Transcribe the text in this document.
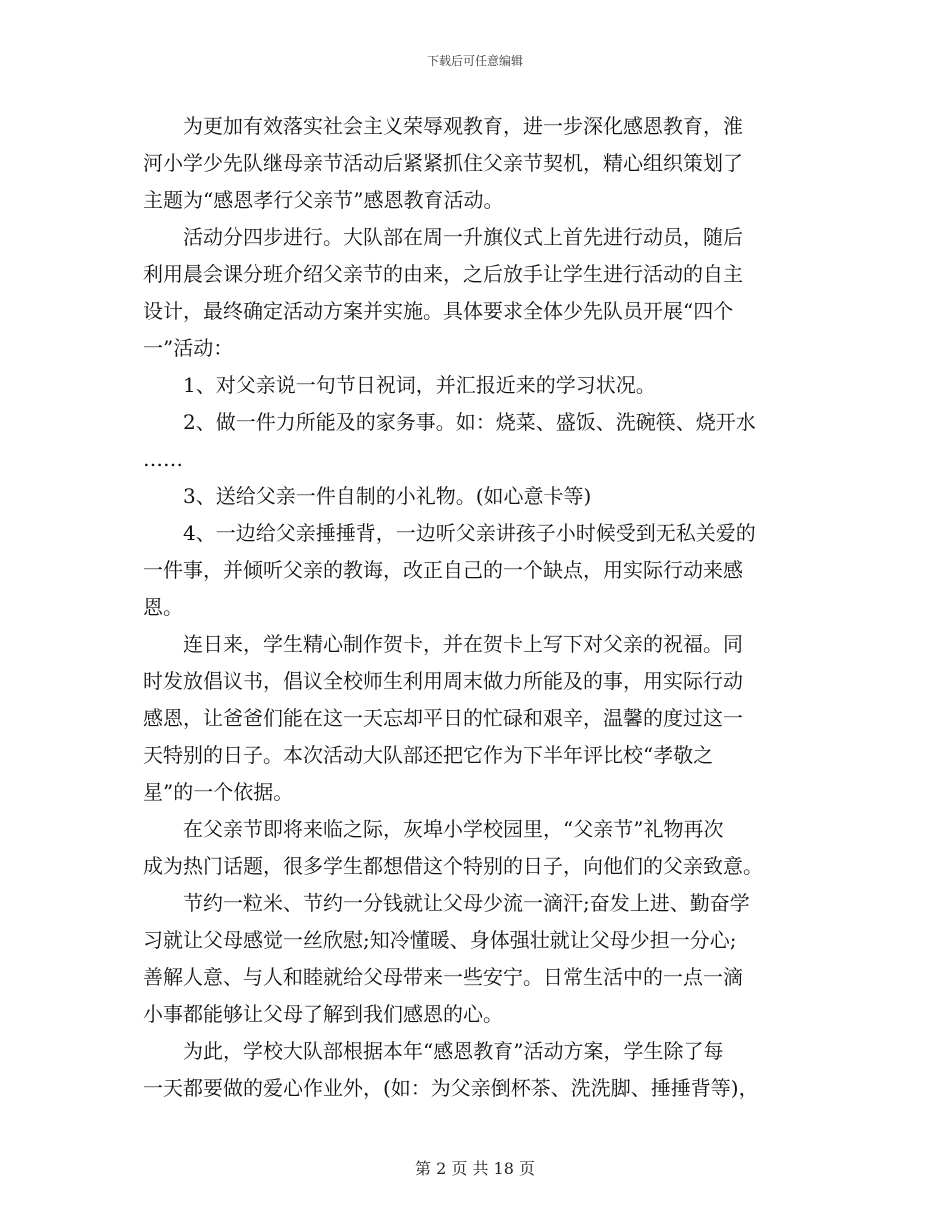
下载后可任意编辑
　　为更加有效落实社会主义荣辱观教育，进一步深化感恩教育，淮
河小学少先队继母亲节活动后紧紧抓住父亲节契机，精心组织策划了
主题为“感恩孝行父亲节”感恩教育活动。
　　活动分四步进行。大队部在周一升旗仪式上首先进行动员，随后
利用晨会课分班介绍父亲节的由来，之后放手让学生进行活动的自主
设计，最终确定活动方案并实施。具体要求全体少先队员开展“四个
一”活动：
　　1、对父亲说一句节日祝词，并汇报近来的学习状况。
　　2、做一件力所能及的家务事。如：烧菜、盛饭、洗碗筷、烧开水
……
　　3、送给父亲一件自制的小礼物。(如心意卡等)
　　4、一边给父亲捶捶背，一边听父亲讲孩子小时候受到无私关爱的
一件事，并倾听父亲的教诲，改正自己的一个缺点，用实际行动来感
恩。
　　连日来，学生精心制作贺卡，并在贺卡上写下对父亲的祝福。同
时发放倡议书，倡议全校师生利用周末做力所能及的事，用实际行动
感恩，让爸爸们能在这一天忘却平日的忙碌和艰辛，温馨的度过这一
天特别的日子。本次活动大队部还把它作为下半年评比校“孝敬之
星”的一个依据。
　　在父亲节即将来临之际，灰埠小学校园里，“父亲节”礼物再次
成为热门话题，很多学生都想借这个特别的日子，向他们的父亲致意。
　　节约一粒米、节约一分钱就让父母少流一滴汗;奋发上进、勤奋学
习就让父母感觉一丝欣慰;知冷懂暖、身体强壮就让父母少担一分心;
善解人意、与人和睦就给父母带来一些安宁。日常生活中的一点一滴
小事都能够让父母了解到我们感恩的心。
　　为此，学校大队部根据本年“感恩教育”活动方案，学生除了每
一天都要做的爱心作业外，(如：为父亲倒杯茶、洗洗脚、捶捶背等)，
第 2 页 共 18 页
